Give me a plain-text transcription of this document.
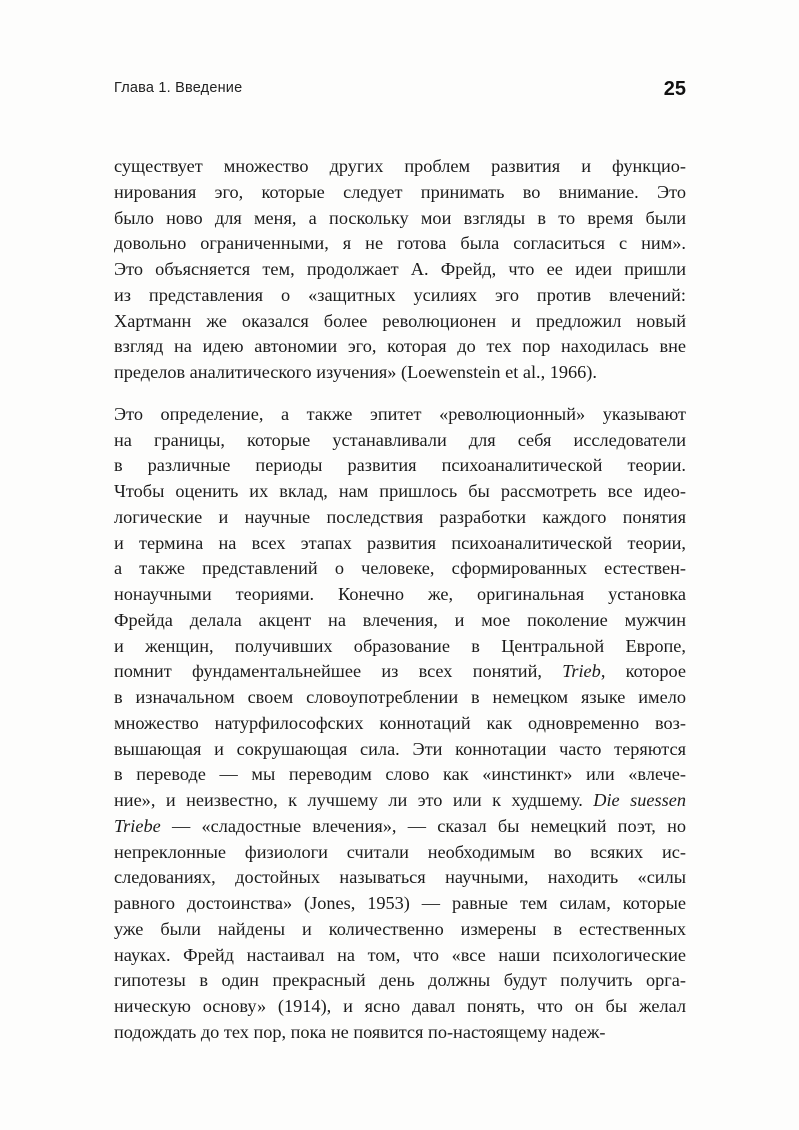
Глава 1. Введение	25

существует множество других проблем развития и функцио-
нирования эго, которые следует принимать во внимание. Это
было ново для меня, а поскольку мои взгляды в то время были
довольно ограниченными, я не готова была согласиться с ним».
Это объясняется тем, продолжает А. Фрейд, что ее идеи пришли
из представления о «защитных усилиях эго против влечений:
Хартманн же оказался более революционен и предложил новый
взгляд на идею автономии эго, которая до тех пор находилась вне
пределов аналитического изучения» (Loewenstein et al., 1966).

Это определение, а также эпитет «революционный» указывают
на границы, которые устанавливали для себя исследователи
в различные периоды развития психоаналитической теории.
Чтобы оценить их вклад, нам пришлось бы рассмотреть все идео-
логические и научные последствия разработки каждого понятия
и термина на всех этапах развития психоаналитической теории,
а также представлений о человеке, сформированных естествен-
нонаучными теориями. Конечно же, оригинальная установка
Фрейда делала акцент на влечения, и мое поколение мужчин
и женщин, получивших образование в Центральной Европе,
помнит фундаментальнейшее из всех понятий, Trieb, которое
в изначальном своем словоупотреблении в немецком языке имело
множество натурфилософских коннотаций как одновременно воз-
вышающая и сокрушающая сила. Эти коннотации часто теряются
в переводе — мы переводим слово как «инстинкт» или «влече-
ние», и неизвестно, к лучшему ли это или к худшему. Die suessen
Triebe — «сладостные влечения», — сказал бы немецкий поэт, но
непреклонные физиологи считали необходимым во всяких ис-
следованиях, достойных называться научными, находить «силы
равного достоинства» (Jones, 1953) — равные тем силам, которые
уже были найдены и количественно измерены в естественных
науках. Фрейд настаивал на том, что «все наши психологические
гипотезы в один прекрасный день должны будут получить орга-
ническую основу» (1914), и ясно давал понять, что он бы желал
подождать до тех пор, пока не появится по-настоящему надеж-
